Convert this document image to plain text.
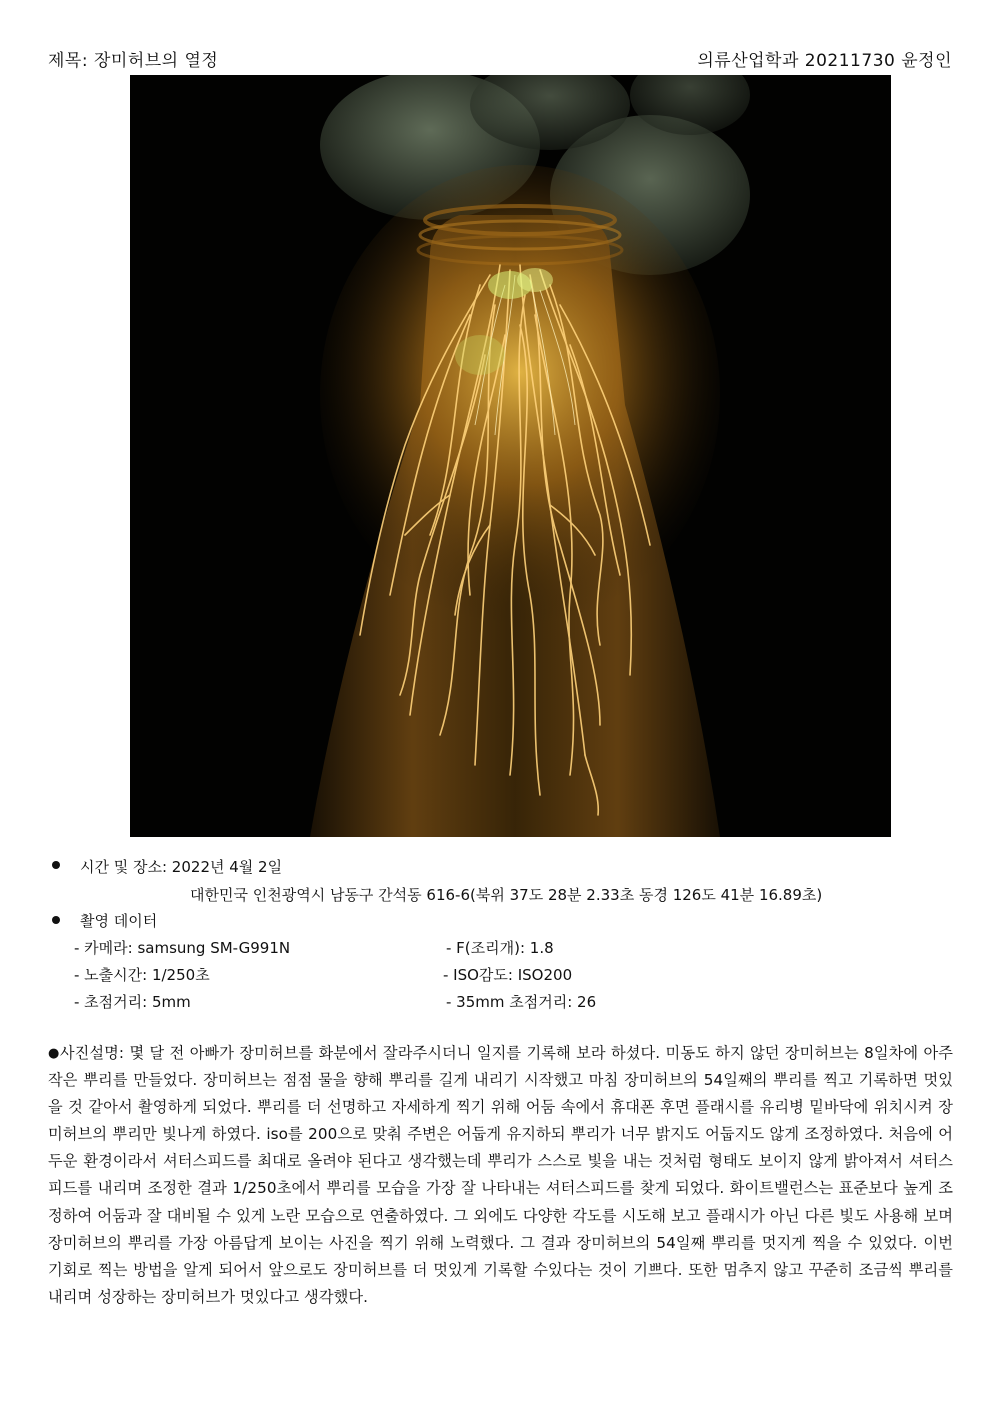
제목: 장미허브의 열정	의류산업학과 20211730 윤정인
시간 및 장소: 2022년 4월 2일
대한민국 인천광역시 남동구 간석동 616-6(북위 37도 28분 2.33초 동경 126도 41분 16.89초)
촬영 데이터
- 카메라: samsung SM-G991N	- F(조리개): 1.8
- 노출시간: 1/250초	- ISO감도: ISO200
- 초점거리: 5mm	- 35mm 초점거리: 26
●사진설명: 몇 달 전 아빠가 장미허브를 화분에서 잘라주시더니 일지를 기록해 보라 하셨다. 미동도 하지 않던 장미허브는 8일차에 아주 작은 뿌리를 만들었다. 장미허브는 점점 물을 향해 뿌리를 길게 내리기 시작했고 마침 장미허브의 54일째의 뿌리를 찍고 기록하면 멋있을 것 같아서 촬영하게 되었다. 뿌리를 더 선명하고 자세하게 찍기 위해 어둠 속에서 휴대폰 후면 플래시를 유리병 밑바닥에 위치시켜 장미허브의 뿌리만 빛나게 하였다. iso를 200으로 맞춰 주변은 어둡게 유지하되 뿌리가 너무 밝지도 어둡지도 않게 조정하였다. 처음에 어두운 환경이라서 셔터스피드를 최대로 올려야 된다고 생각했는데 뿌리가 스스로 빛을 내는 것처럼 형태도 보이지 않게 밝아져서 셔터스피드를 내리며 조정한 결과 1/250초에서 뿌리를 모습을 가장 잘 나타내는 셔터스피드를 찾게 되었다. 화이트밸런스는 표준보다 높게 조정하여 어둠과 잘 대비될 수 있게 노란 모습으로 연출하였다. 그 외에도 다양한 각도를 시도해 보고 플래시가 아닌 다른 빛도 사용해 보며 장미허브의 뿌리를 가장 아름답게 보이는 사진을 찍기 위해 노력했다. 그 결과 장미허브의 54일째 뿌리를 멋지게 찍을 수 있었다. 이번 기회로 찍는 방법을 알게 되어서 앞으로도 장미허브를 더 멋있게 기록할 수있다는 것이 기쁘다. 또한 멈추지 않고 꾸준히 조금씩 뿌리를 내리며 성장하는 장미허브가 멋있다고 생각했다.
